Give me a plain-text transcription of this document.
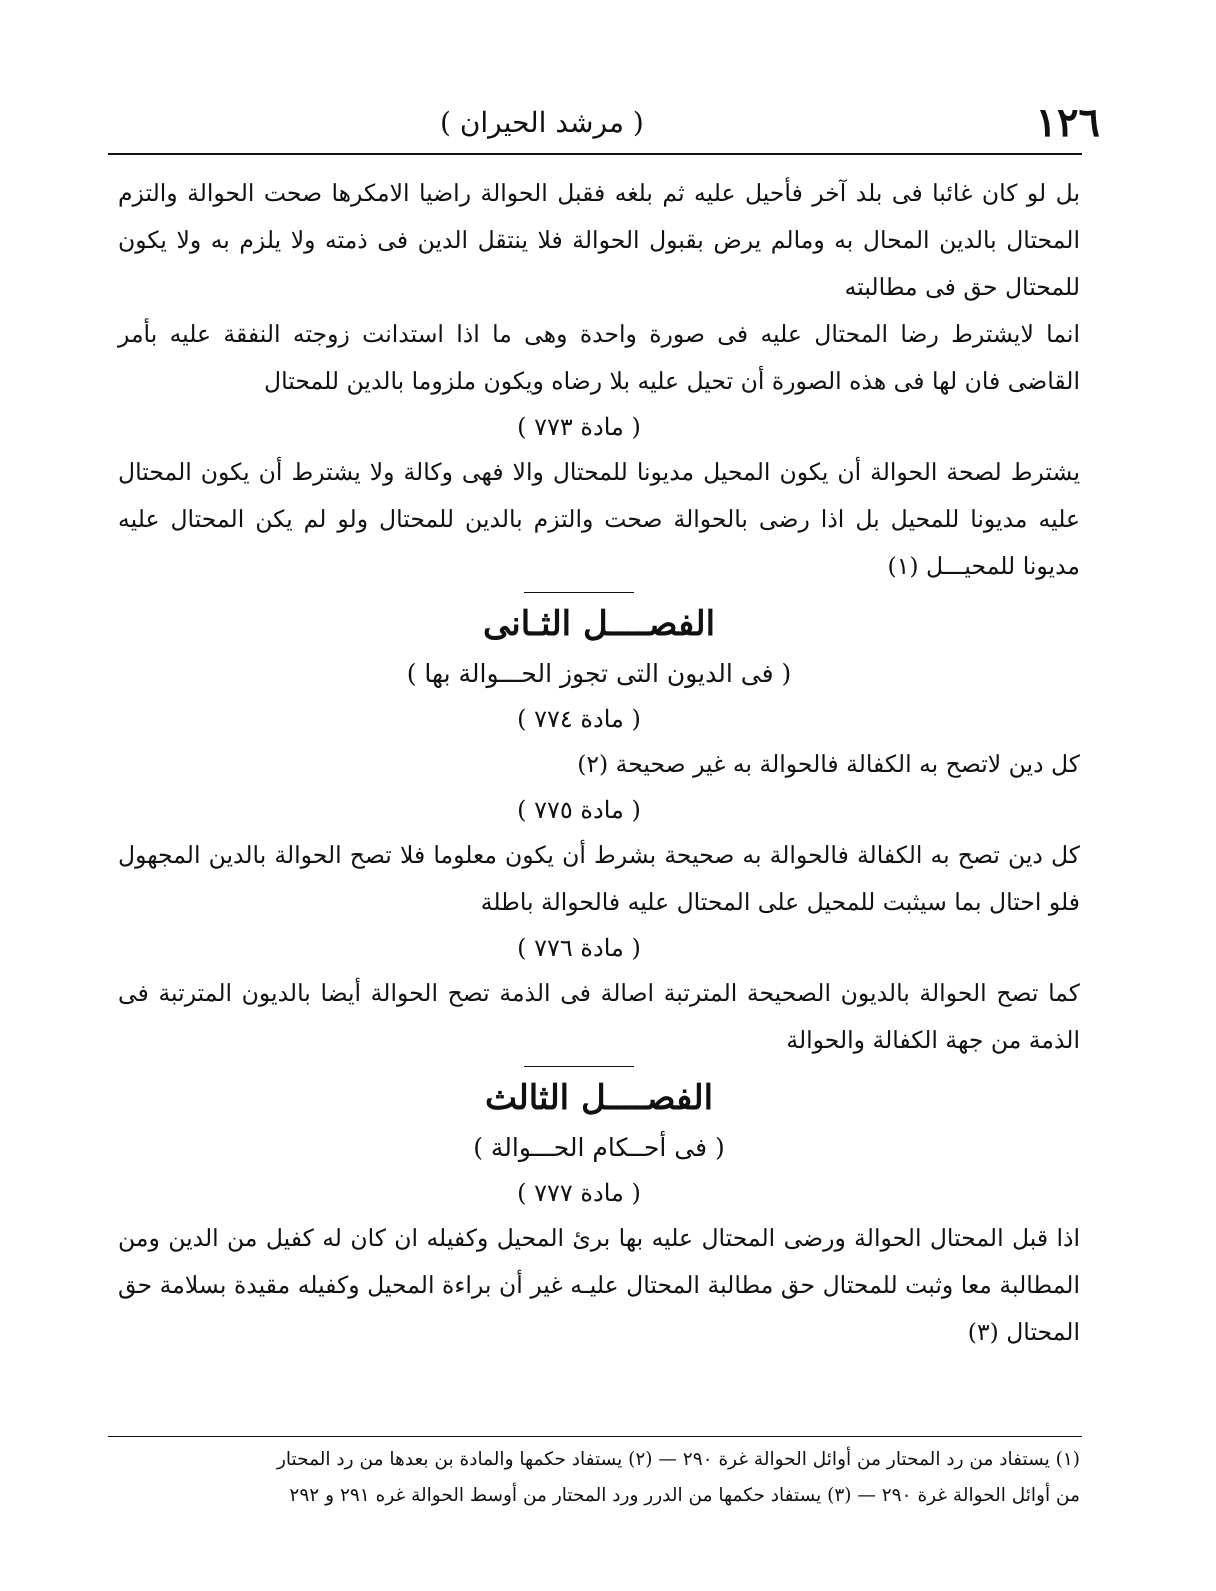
١٢٦
( مرشد الحيران )

بل لو كان غائبا فى بلد آخر فأحيل عليه ثم بلغه فقبل الحوالة راضيا الامكرها صحت الحوالة والتزم المحتال بالدين المحال به ومالم يرض بقبول الحوالة فلا ينتقل الدين فى ذمته ولا يلزم به ولا يكون للمحتال حق فى مطالبته

انما لايشترط رضا المحتال عليه فى صورة واحدة وهى ما اذا استدانت زوجته النفقة عليه بأمر القاضى فان لها فى هذه الصورة أن تحيل عليه بلا رضاه ويكون ملزوما بالدين للمحتال

( مادة ٧٧٣ )

يشترط لصحة الحوالة أن يكون المحيل مديونا للمحتال والا فهى وكالة ولا يشترط أن يكون المحتال عليه مديونا للمحيل بل اذا رضى بالحوالة صحت والتزم بالدين للمحتال ولو لم يكن المحتال عليه مديونا للمحيـــل (١)

الفصــــل الثـانى

( فى الديون التى تجوز الحـــوالة بها )

( مادة ٧٧٤ )

كل دين لاتصح به الكفالة فالحوالة به غير صحيحة (٢)

( مادة ٧٧٥ )

كل دين تصح به الكفالة فالحوالة به صحيحة بشرط أن يكون معلوما فلا تصح الحوالة بالدين المجهول فلو احتال بما سيثبت للمحيل على المحتال عليه فالحوالة باطلة

( مادة ٧٧٦ )

كما تصح الحوالة بالديون الصحيحة المترتبة اصالة فى الذمة تصح الحوالة أيضا بالديون المترتبة فى الذمة من جهة الكفالة والحوالة

الفصــــل الثالث

( فى أحــكام الحـــوالة )

( مادة ٧٧٧ )

اذا قبل المحتال الحوالة ورضى المحتال عليه بها برئ المحيل وكفيله ان كان له كفيل من الدين ومن المطالبة معا وثبت للمحتال حق مطالبة المحتال عليـه غير أن براءة المحيل وكفيله مقيدة بسلامة حق المحتال (٣)

(١) يستفاد من رد المحتار من أوائل الحوالة غرة ٢٩٠ — (٢) يستفاد حكمها والمادة بن بعدها من رد المحتار

من أوائل الحوالة غرة ٢٩٠ — (٣) يستفاد حكمها من الدرر ورد المحتار من أوسط الحوالة غره ٢٩١ و ٢٩٢
